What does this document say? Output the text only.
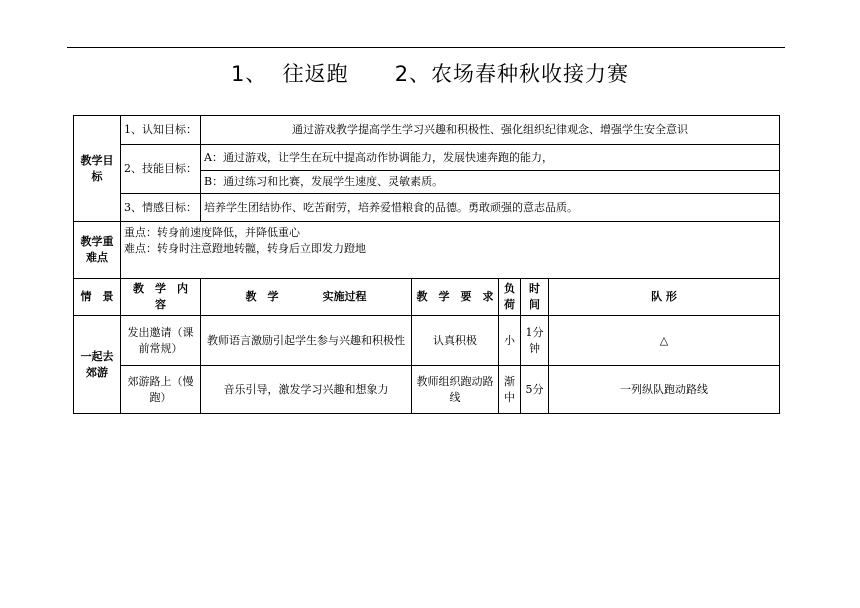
1、  往返跑      2、农场春种秋收接力赛
教学目标	1、认知目标：	通过游戏教学提高学生学习兴趣和积极性、强化组织纪律观念、增强学生安全意识				
	2、技能目标：	A：通过游戏，让学生在玩中提高动作协调能力，发展快速奔跑的能力，				
		B：通过练习和比赛，发展学生速度、灵敏素质。				
	3、情感目标：	培养学生团结协作、吃苦耐劳，培养爱惜粮食的品德。勇敢顽强的意志品质。				
教学重难点	重点：转身前速度降低，并降低重心
难点：转身时注意蹬地转髋，转身后立即发力蹬地					

情　景	教　学　内　容	教　学　　　　实施过程	教　学　要　求	负荷	时间	队 形
一起去郊游	发出邀请（课前常规）	教师语言激励引起学生参与兴趣和积极性	认真积极	小	1分钟	△
	郊游路上（慢　跑）	音乐引导，激发学习兴趣和想象力	教师组织跑动路线	渐中	5分	一列纵队跑动路线
